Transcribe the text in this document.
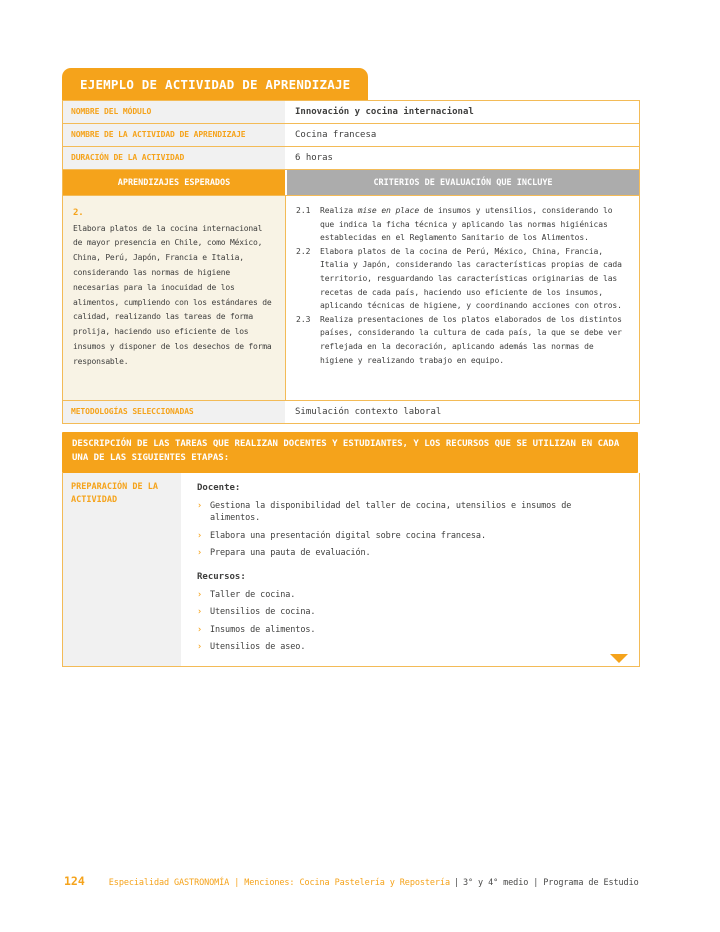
EJEMPLO DE ACTIVIDAD DE APRENDIZAJE
NOMBRE DEL MÓDULO	Innovación y cocina internacional
NOMBRE DE LA ACTIVIDAD DE APRENDIZAJE	Cocina francesa
DURACIÓN DE LA ACTIVIDAD	6 horas
APRENDIZAJES ESPERADOS	CRITERIOS DE EVALUACIÓN QUE INCLUYE
2.
Elabora platos de la cocina internacional de mayor presencia en Chile, como México, China, Perú, Japón, Francia e Italia, considerando las normas de higiene necesarias para la inocuidad de los alimentos, cumpliendo con los estándares de calidad, realizando las tareas de forma prolija, haciendo uso eficiente de los insumos y disponer de los desechos de forma responsable.
2.1	Realiza mise en place de insumos y utensilios, considerando lo que indica la ficha técnica y aplicando las normas higiénicas establecidas en el Reglamento Sanitario de los Alimentos.
2.2	Elabora platos de la cocina de Perú, México, China, Francia, Italia y Japón, considerando las características propias de cada territorio, resguardando las características originarias de las recetas de cada país, haciendo uso eficiente de los insumos, aplicando técnicas de higiene, y coordinando acciones con otros.
2.3	Realiza presentaciones de los platos elaborados de los distintos países, considerando la cultura de cada país, la que se debe ver reflejada en la decoración, aplicando además las normas de higiene y realizando trabajo en equipo.
METODOLOGÍAS SELECCIONADAS	Simulación contexto laboral
DESCRIPCIÓN DE LAS TAREAS QUE REALIZAN DOCENTES Y ESTUDIANTES, Y LOS RECURSOS QUE SE UTILIZAN EN CADA UNA DE LAS SIGUIENTES ETAPAS:
PREPARACIÓN DE LA ACTIVIDAD
Docente:
› Gestiona la disponibilidad del taller de cocina, utensilios e insumos de alimentos.
› Elabora una presentación digital sobre cocina francesa.
› Prepara una pauta de evaluación.
Recursos:
› Taller de cocina.
› Utensilios de cocina.
› Insumos de alimentos.
› Utensilios de aseo.
124	Especialidad GASTRONOMÍA | Menciones: Cocina Pastelería y Repostería | 3° y 4° medio | Programa de Estudio
